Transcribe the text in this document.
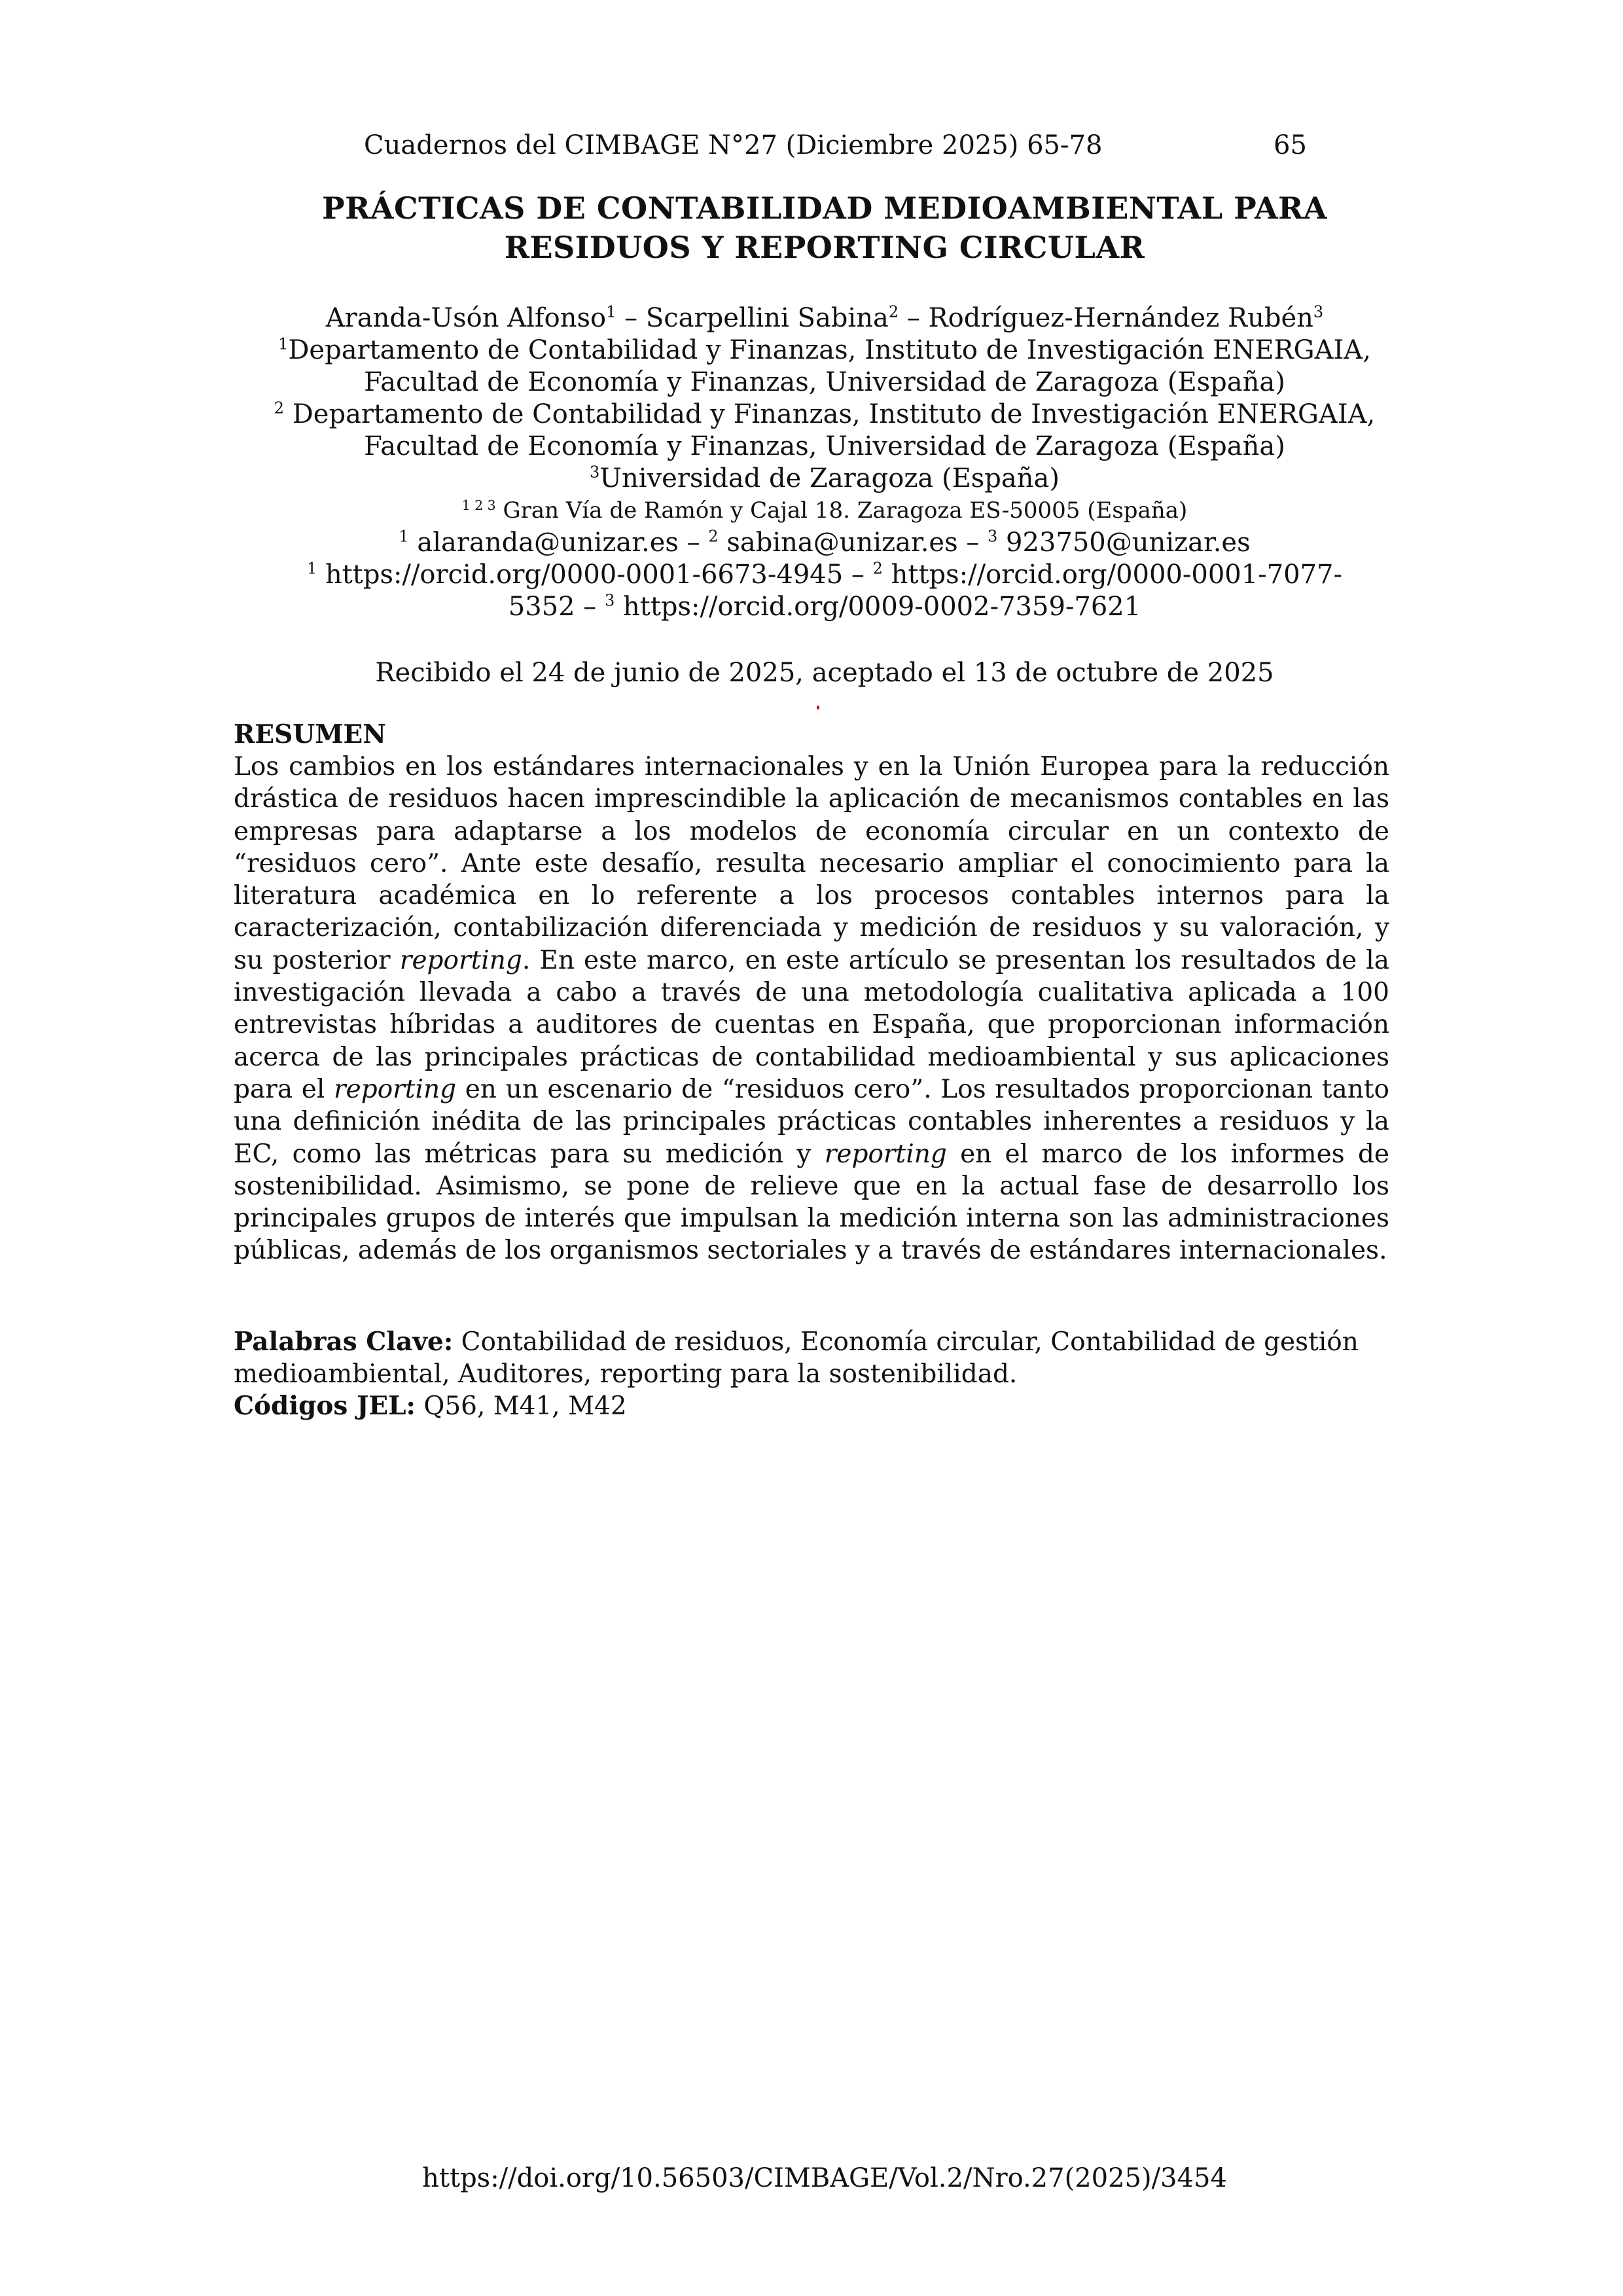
Cuadernos del CIMBAGE N°27 (Diciembre 2025) 65-78	65
PRÁCTICAS DE CONTABILIDAD MEDIOAMBIENTAL PARA
RESIDUOS Y REPORTING CIRCULAR
Aranda-Usón Alfonso$^1$ – Scarpellini Sabina$^2$ – Rodríguez-Hernández Rubén$^3$
$^1$Departamento de Contabilidad y Finanzas, Instituto de Investigación ENERGAIA,
Facultad de Economía y Finanzas, Universidad de Zaragoza (España)
$^2$ Departamento de Contabilidad y Finanzas, Instituto de Investigación ENERGAIA,
Facultad de Economía y Finanzas, Universidad de Zaragoza (España)
$^3$Universidad de Zaragoza (España)
$^{1 2 3}$ Gran Vía de Ramón y Cajal 18. Zaragoza ES-50005 (España)
$^1$ alaranda@unizar.es – $^2$ sabina@unizar.es – $^3$ 923750@unizar.es
$^1$ https://orcid.org/0000-0001-6673-4945 – $^2$ https://orcid.org/0000-0001-7077-
5352 – $^3$ https://orcid.org/0009-0002-7359-7621
Recibido el 24 de junio de 2025, aceptado el 13 de octubre de 2025
RESUMEN

Los cambios en los estándares internacionales y en la Unión Europea para la reducción drástica de residuos hacen imprescindible la aplicación de mecanismos contables en las empresas para adaptarse a los modelos de economía circular en un contexto de “residuos cero”. Ante este desafío, resulta necesario ampliar el conocimiento para la literatura académica en lo referente a los procesos contables internos para la caracterización, contabilización diferenciada y medición de residuos y su valoración, y su posterior reporting. En este marco, en este artículo se presentan los resultados de la investigación llevada a cabo a través de una metodología cualitativa aplicada a 100 entrevistas híbridas a auditores de cuentas en España, que proporcionan información acerca de las principales prácticas de contabilidad medioambiental y sus aplicaciones para el reporting en un escenario de “residuos cero”. Los resultados proporcionan tanto una definición inédita de las principales prácticas contables inherentes a residuos y la EC, como las métricas para su medición y reporting en el marco de los informes de sostenibilidad. Asimismo, se pone de relieve que en la actual fase de desarrollo los principales grupos de interés que impulsan la medición interna son las administraciones públicas, además de los organismos sectoriales y a través de estándares internacionales.

Palabras Clave: Contabilidad de residuos, Economía circular, Contabilidad de gestión medioambiental, Auditores, reporting para la sostenibilidad.

Códigos JEL: Q56, M41, M42

https://doi.org/10.56503/CIMBAGE/Vol.2/Nro.27(2025)/3454
